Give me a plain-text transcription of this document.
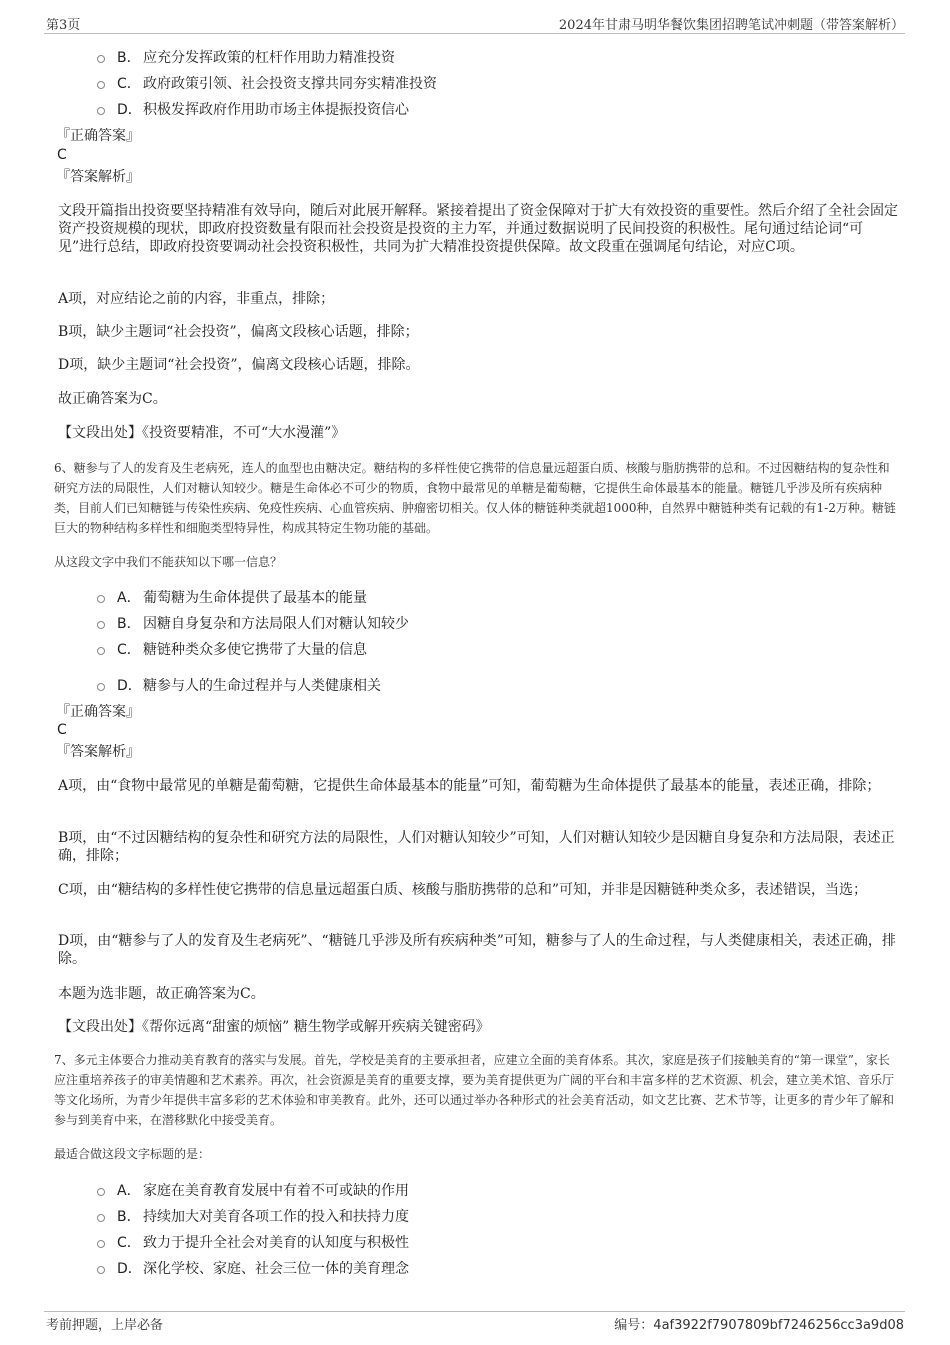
第3页	2024年甘肃马明华餐饮集团招聘笔试冲刺题（带答案解析）
B． 应充分发挥政策的杠杆作用助力精准投资
C． 政府政策引领、社会投资支撑共同夯实精准投资
D． 积极发挥政府作用助市场主体提振投资信心
『正确答案』
C
『答案解析』
文段开篇指出投资要坚持精准有效导向，随后对此展开解释。紧接着提出了资金保障对于扩大有效投资的重要性。然后介绍了全社会固定资产投资规模的现状，即政府投资数量有限而社会投资是投资的主力军，并通过数据说明了民间投资的积极性。尾句通过结论词“可见”进行总结，即政府投资要调动社会投资积极性，共同为扩大精准投资提供保障。故文段重在强调尾句结论，对应C项。
A项，对应结论之前的内容，非重点，排除；
B项，缺少主题词“社会投资”，偏离文段核心话题，排除；
D项，缺少主题词“社会投资”，偏离文段核心话题，排除。
故正确答案为C。
【文段出处】《投资要精准，不可“大水漫灌”》
6、糖参与了人的发育及生老病死，连人的血型也由糖决定。糖结构的多样性使它携带的信息量远超蛋白质、核酸与脂肪携带的总和。不过因糖结构的复杂性和研究方法的局限性，人们对糖认知较少。糖是生命体必不可少的物质，食物中最常见的单糖是葡萄糖，它提供生命体最基本的能量。糖链几乎涉及所有疾病种类，目前人们已知糖链与传染性疾病、免疫性疾病、心血管疾病、肿瘤密切相关。仅人体的糖链种类就超1000种，自然界中糖链种类有记载的有1-2万种。糖链巨大的物种结构多样性和细胞类型特异性，构成其特定生物功能的基础。
从这段文字中我们不能获知以下哪一信息？
A． 葡萄糖为生命体提供了最基本的能量
B． 因糖自身复杂和方法局限人们对糖认知较少
C． 糖链种类众多使它携带了大量的信息
D． 糖参与人的生命过程并与人类健康相关
『正确答案』
C
『答案解析』
A项，由“食物中最常见的单糖是葡萄糖，它提供生命体最基本的能量”可知，葡萄糖为生命体提供了最基本的能量，表述正确，排除；
B项，由“不过因糖结构的复杂性和研究方法的局限性，人们对糖认知较少”可知，人们对糖认知较少是因糖自身复杂和方法局限，表述正确，排除；
C项，由“糖结构的多样性使它携带的信息量远超蛋白质、核酸与脂肪携带的总和”可知，并非是因糖链种类众多，表述错误，当选；
D项，由“糖参与了人的发育及生老病死”、“糖链几乎涉及所有疾病种类”可知，糖参与了人的生命过程，与人类健康相关，表述正确，排除。
本题为选非题，故正确答案为C。
【文段出处】《帮你远离“甜蜜的烦恼” 糖生物学或解开疾病关键密码》
7、多元主体要合力推动美育教育的落实与发展。首先，学校是美育的主要承担者，应建立全面的美育体系。其次，家庭是孩子们接触美育的“第一课堂”，家长应注重培养孩子的审美情趣和艺术素养。再次，社会资源是美育的重要支撑，要为美育提供更为广阔的平台和丰富多样的艺术资源、机会，建立美术馆、音乐厅等文化场所，为青少年提供丰富多彩的艺术体验和审美教育。此外，还可以通过举办各种形式的社会美育活动，如文艺比赛、艺术节等，让更多的青少年了解和参与到美育中来，在潜移默化中接受美育。
最适合做这段文字标题的是：
A． 家庭在美育教育发展中有着不可或缺的作用
B． 持续加大对美育各项工作的投入和扶持力度
C． 致力于提升全社会对美育的认知度与积极性
D． 深化学校、家庭、社会三位一体的美育理念
考前押题，上岸必备	编号：4af3922f7907809bf7246256cc3a9d08
